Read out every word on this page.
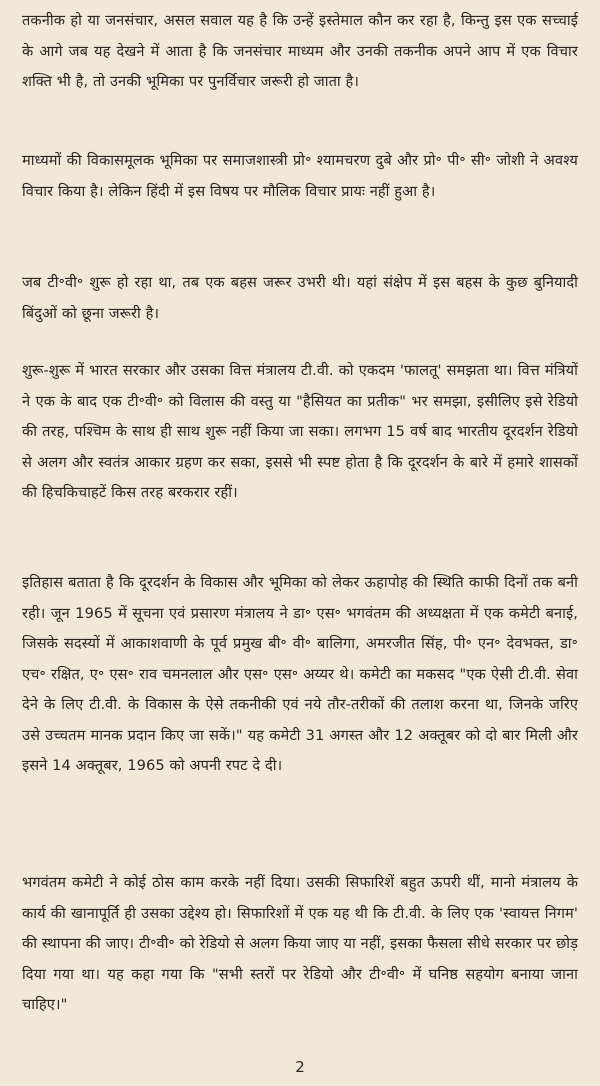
तकनीक हो या जनसंचार, असल सवाल यह है कि उन्हें इस्तेमाल कौन कर रहा है, किन्तु इस एक सच्चाई के आगे जब यह देखने में आता है कि जनसंचार माध्यम और उनकी तकनीक अपने आप में एक विचार शक्ति भी है, तो उनकी भूमिका पर पुनर्विचार जरूरी हो जाता है।

माध्यमों की विकासमूलक भूमिका पर समाजशास्त्री प्रो॰ श्यामचरण दुबे और प्रो॰ पी॰ सी॰ जोशी ने अवश्य विचार किया है। लेकिन हिंदी में इस विषय पर मौलिक विचार प्रायः नहीं हुआ है।

जब टी॰वी॰ शुरू हो रहा था, तब एक बहस जरूर उभरी थी। यहां संक्षेप में इस बहस के कुछ बुनियादी बिंदुओं को छूना जरूरी है।

शुरू-शुरू में भारत सरकार और उसका वित्त मंत्रालय टी.वी. को एकदम 'फालतू' समझता था। वित्त मंत्रियों ने एक के बाद एक टी॰वी॰ को विलास की वस्तु या "हैसियत का प्रतीक" भर समझा, इसीलिए इसे रेडियो की तरह, पश्चिम के साथ ही साथ शुरू नहीं किया जा सका। लगभग 15 वर्ष बाद भारतीय दूरदर्शन रेडियो से अलग और स्वतंत्र आकार ग्रहण कर सका, इससे भी स्पष्ट होता है कि दूरदर्शन के बारे में हमारे शासकों की हिचकिचाहटें किस तरह बरकरार रहीं।

इतिहास बताता है कि दूरदर्शन के विकास और भूमिका को लेकर ऊहापोह की स्थिति काफी दिनों तक बनी रही। जून 1965 में सूचना एवं प्रसारण मंत्रालय ने डा॰ एस॰ भगवंतम की अध्यक्षता में एक कमेटी बनाई, जिसके सदस्यों में आकाशवाणी के पूर्व प्रमुख बी॰ वी॰ बालिगा, अमरजीत सिंह, पी॰ एन॰ देवभक्त, डा॰ एच॰ रक्षित, ए॰ एस॰ राव चमनलाल और एस॰ एस॰ अय्यर थे। कमेटी का मकसद "एक ऐसी टी.वी. सेवा देने के लिए टी.वी. के विकास के ऐसे तकनीकी एवं नये तौर-तरीकों की तलाश करना था, जिनके जरिए उसे उच्चतम मानक प्रदान किए जा सकें।" यह कमेटी 31 अगस्त और 12 अक्तूबर को दो बार मिली और इसने 14 अक्तूबर, 1965 को अपनी रपट दे दी।

भगवंतम कमेटी ने कोई ठोस काम करके नहीं दिया। उसकी सिफारिशें बहुत ऊपरी थीं, मानो मंत्रालय के कार्य की खानापूर्ति ही उसका उद्देश्य हो। सिफारिशों में एक यह थी कि टी.वी. के लिए एक 'स्वायत्त निगम' की स्थापना की जाए। टी॰वी॰ को रेडियो से अलग किया जाए या नहीं, इसका फैसला सीधे सरकार पर छोड़ दिया गया था। यह कहा गया कि "सभी स्तरों पर रेडियो और टी॰वी॰ में घनिष्ठ सहयोग बनाया जाना चाहिए।"

2
